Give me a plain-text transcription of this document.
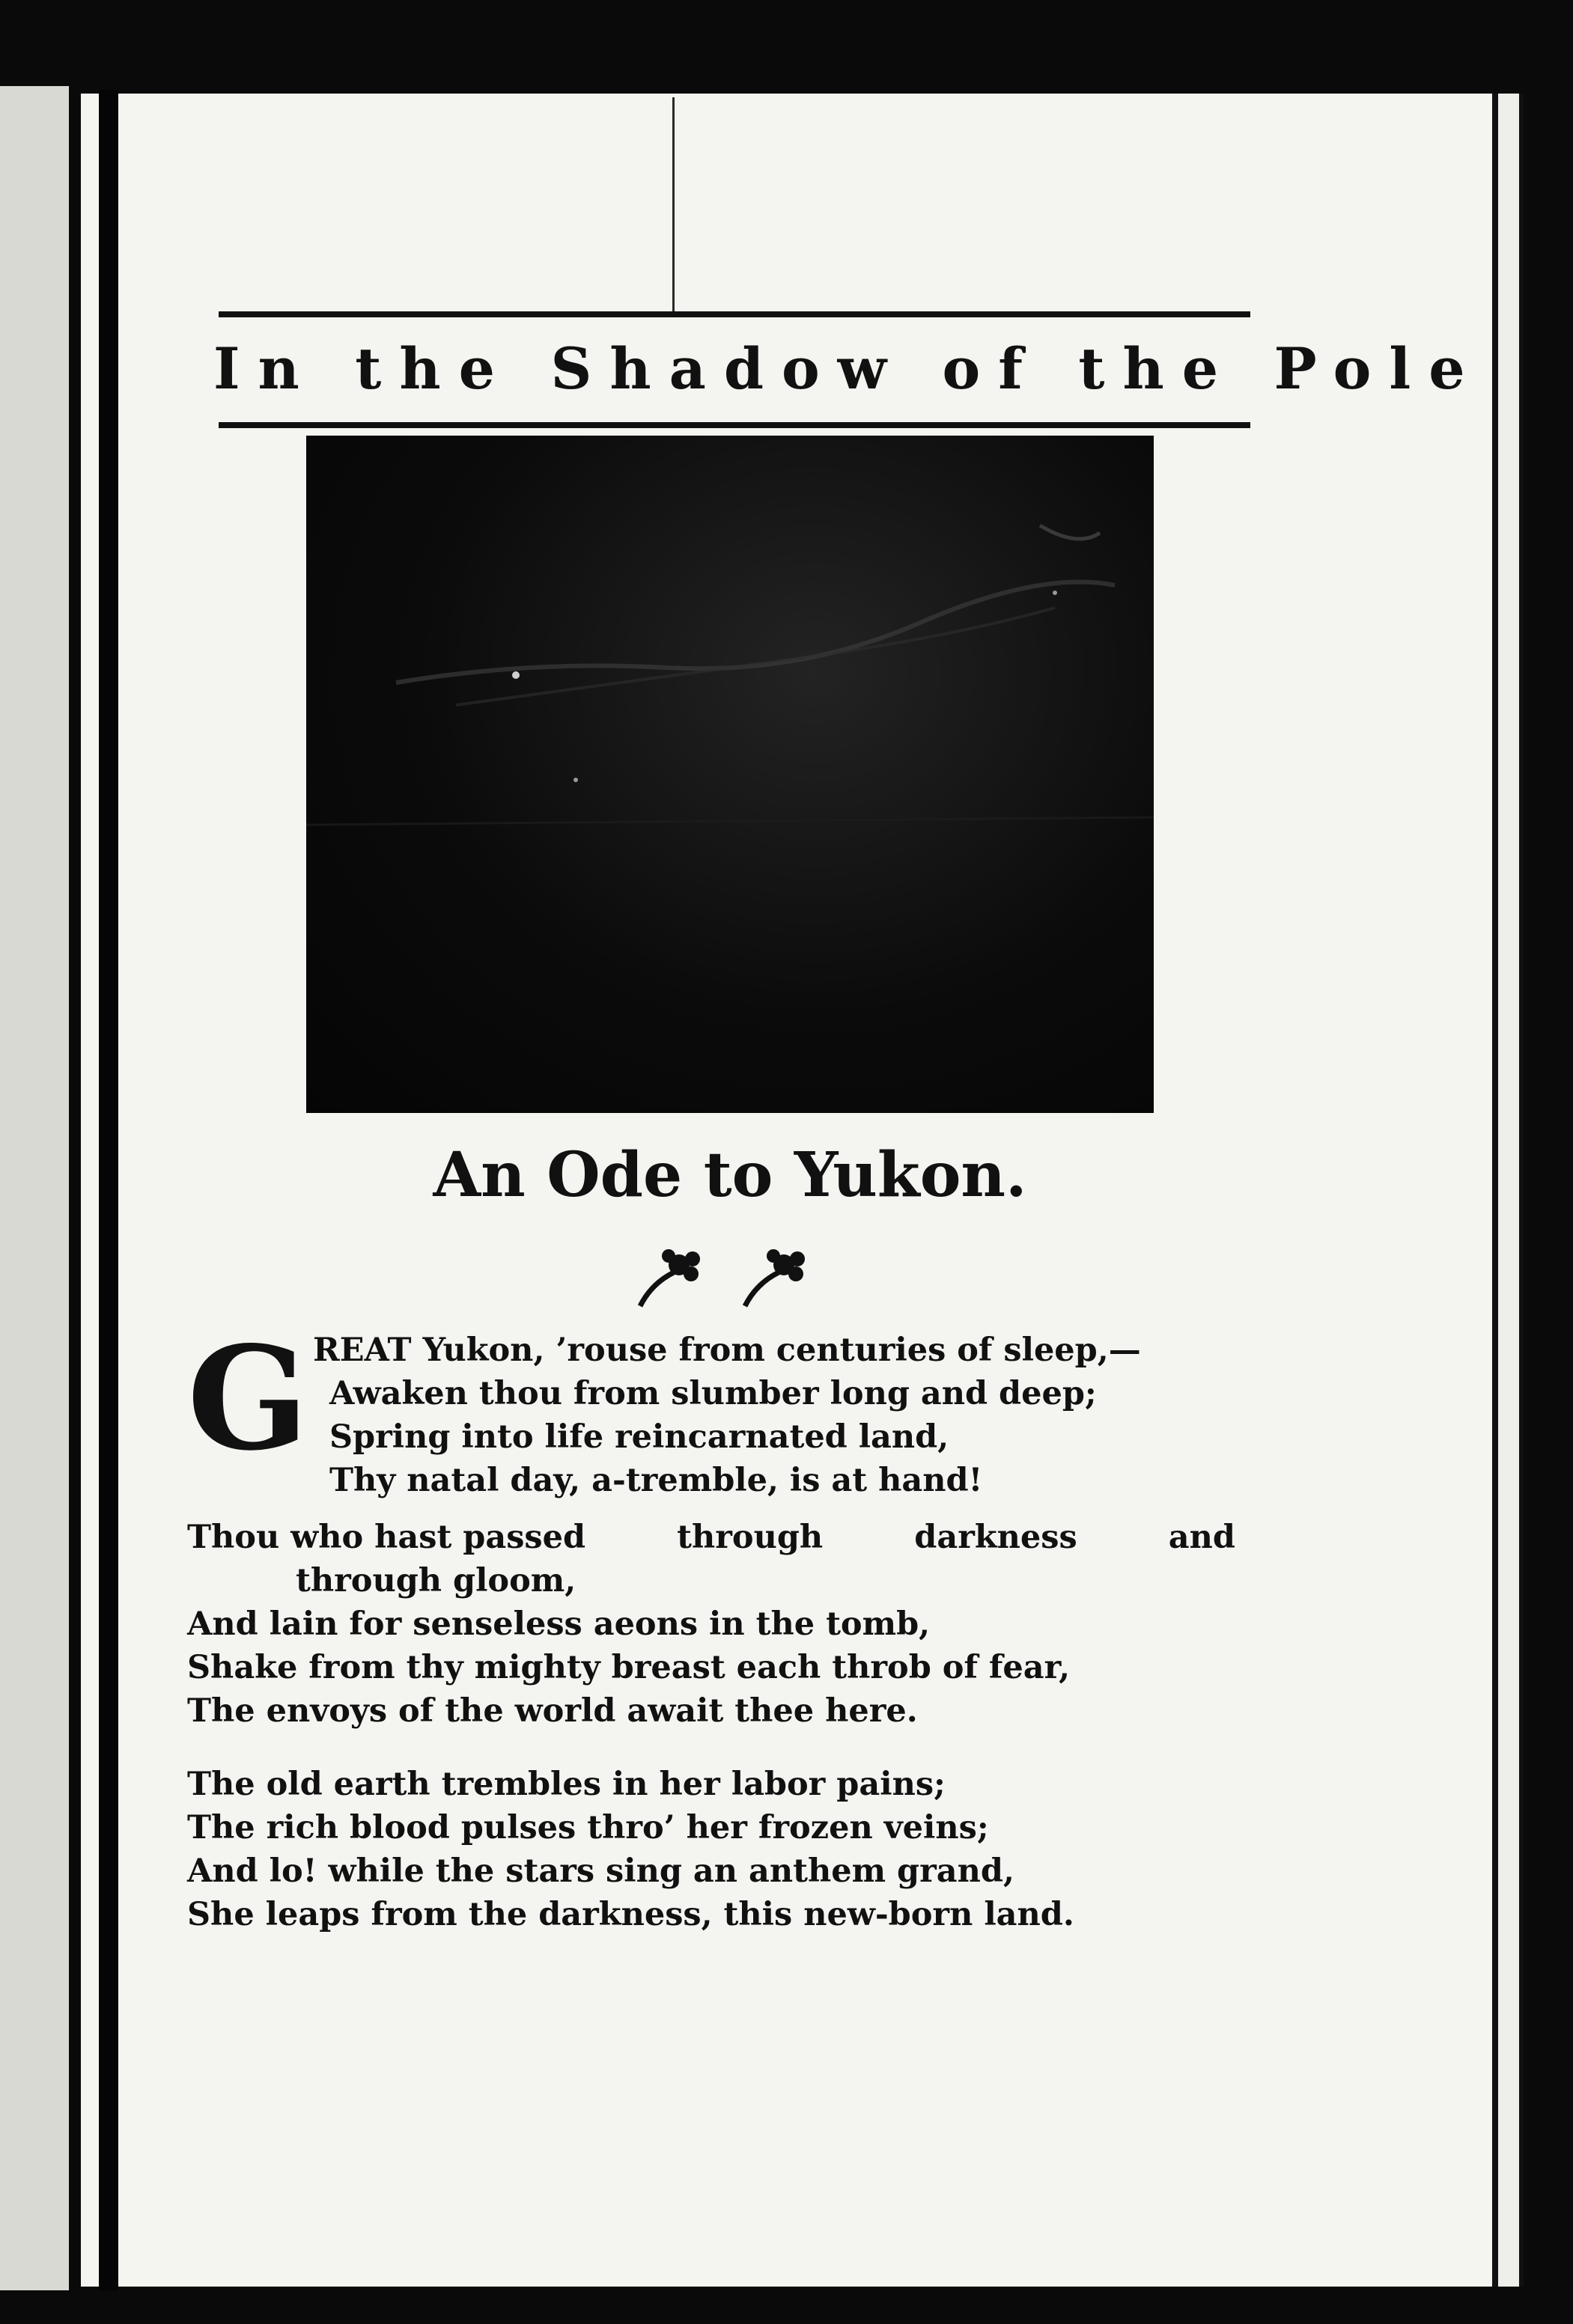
In the Shadow of the Pole
An Ode to Yukon.
G REAT Yukon, ’rouse from centuries of sleep,—
Awaken thou from slumber long and deep;
Spring into life reincarnated land,
Thy natal day, a-tremble, is at hand!
Thou who hast passed	through	darkness	and
through gloom,
And lain for senseless aeons in the tomb,
Shake from thy mighty breast each throb of fear,
The envoys of the world await thee here.
The old earth trembles in her labor pains;
The rich blood pulses thro’ her frozen veins;
And lo! while the stars sing an anthem grand,
She leaps from the darkness, this new-born land.
